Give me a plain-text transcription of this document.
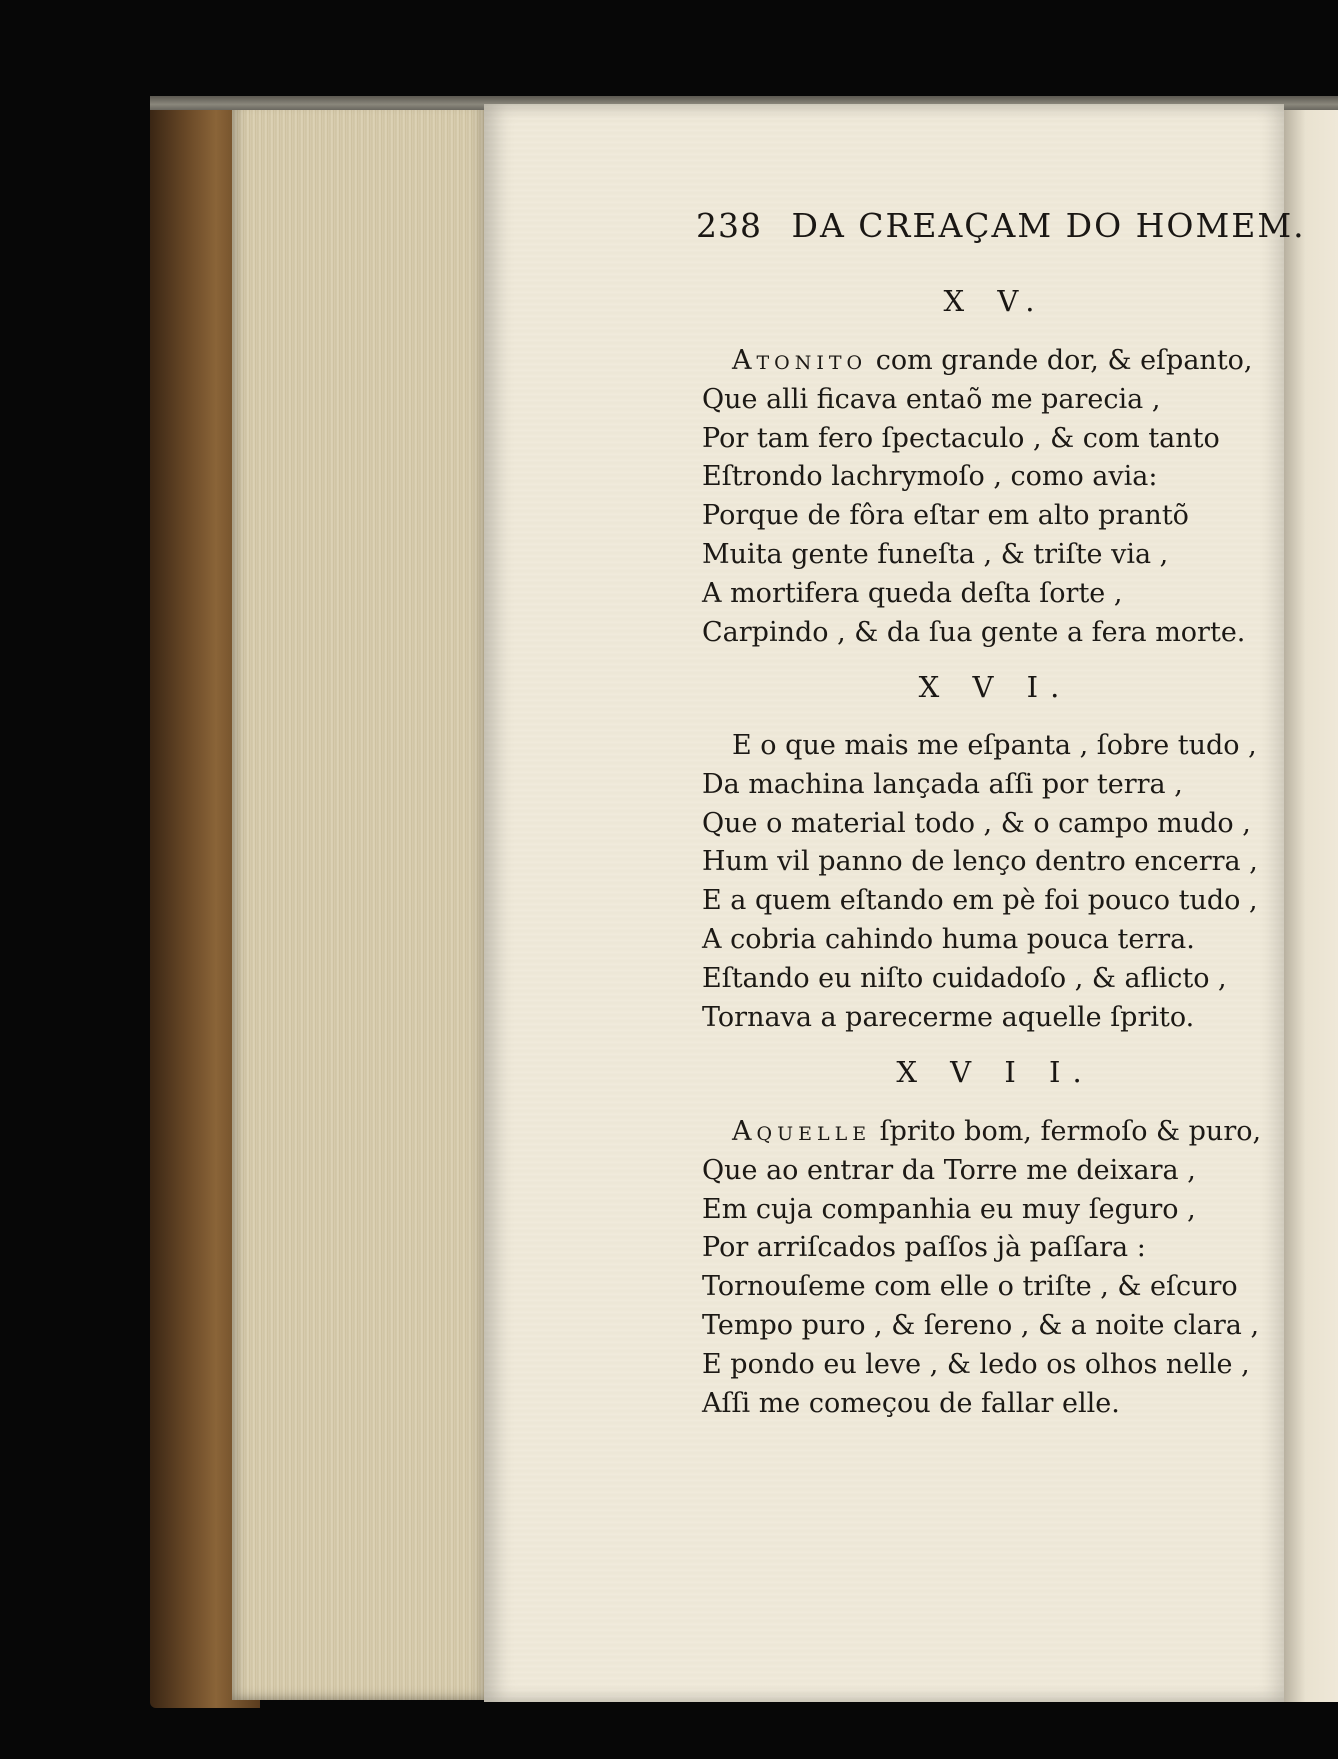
238 DA CREAÇAM DO HOMEM.
X V.
Atonito com grande dor, & eſpanto,
Que alli ficava entaõ me parecia ,
Por tam fero ſpectaculo , & com tanto
Eſtrondo lachrymoſo , como avia:
Porque de fôra eſtar em alto prantõ
Muita gente funeſta , & triſte via ,
A mortifera queda deſta ſorte ,
Carpindo , & da ſua gente a fera morte.
X V I.
E o que mais me eſpanta , ſobre tudo ,
Da machina lançada aſſi por terra ,
Que o material todo , & o campo mudo ,
Hum vil panno de lenço dentro encerra ,
E a quem eſtando em pè foi pouco tudo ,
A cobria cahindo huma pouca terra.
Eſtando eu niſto cuidadoſo , & aflicto ,
Tornava a parecerme aquelle ſprito.
X V I I.
Aquelle ſprito bom, fermoſo & puro,
Que ao entrar da Torre me deixara ,
Em cuja companhia eu muy ſeguro ,
Por arriſcados paſſos jà paſſara :
Tornouſeme com elle o triſte , & eſcuro
Tempo puro , & ſereno , & a noite clara ,
E pondo eu leve , & ledo os olhos nelle ,
Aſſi me começou de fallar elle.
